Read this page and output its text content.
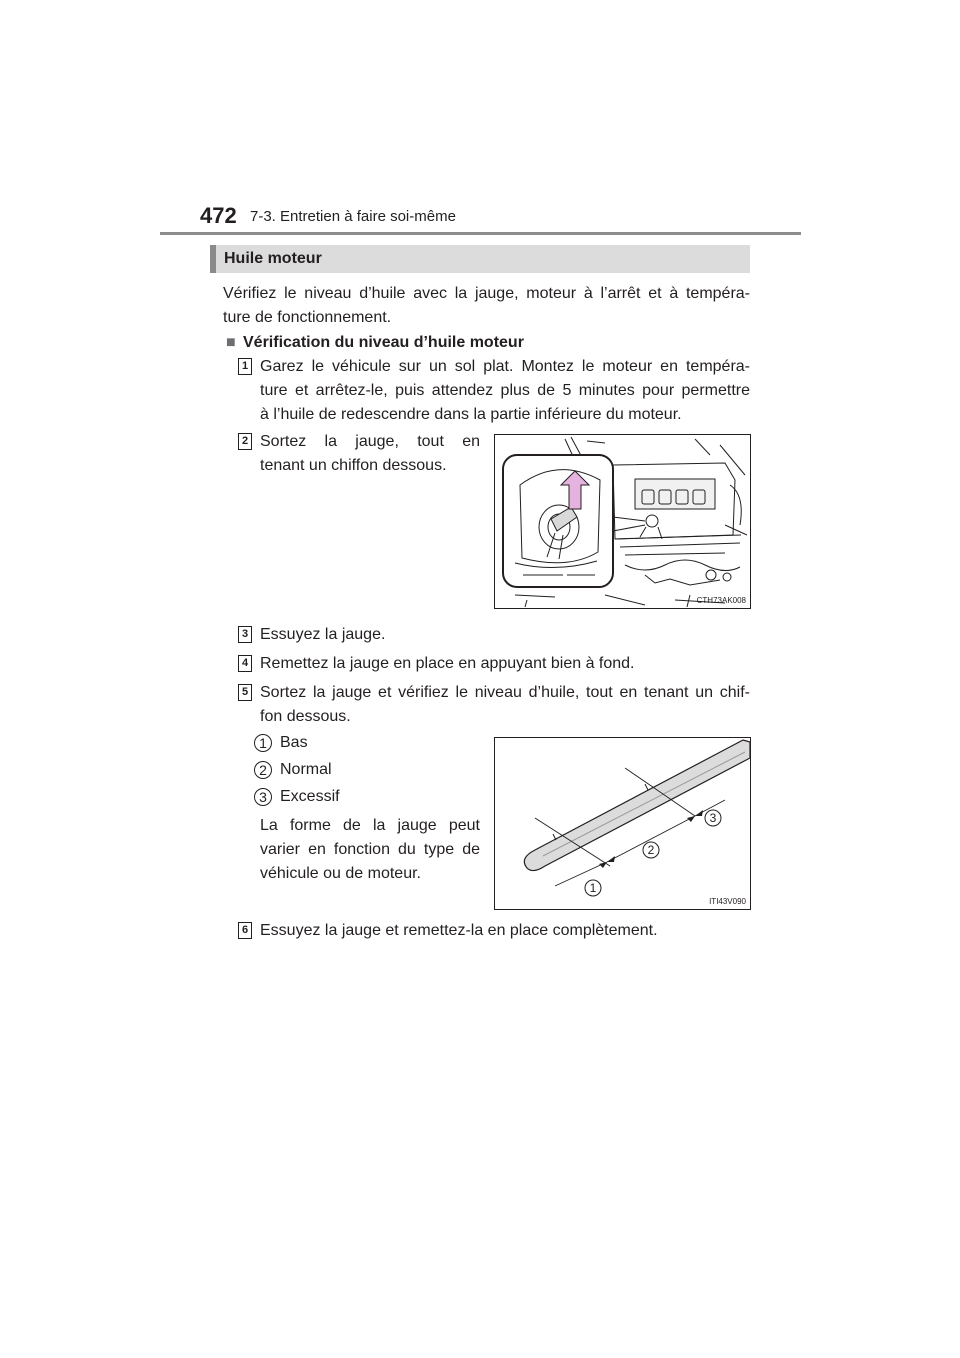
472 7-3. Entretien à faire soi-même
Huile moteur
Vérifiez le niveau d’huile avec la jauge, moteur à l’arrêt et à tempéra-
ture de fonctionnement.
■ Vérification du niveau d’huile moteur
1 Garez le véhicule sur un sol plat. Montez le moteur en tempéra-
ture et arrêtez-le, puis attendez plus de 5 minutes pour permettre
à l’huile de redescendre dans la partie inférieure du moteur.
2 Sortez la jauge, tout en
tenant un chiffon dessous.
CTH73AK008
3 Essuyez la jauge.
4 Remettez la jauge en place en appuyant bien à fond.
5 Sortez la jauge et vérifiez le niveau d’huile, tout en tenant un chif-
fon dessous.
1 Bas
2 Normal
3 Excessif
La forme de la jauge peut
varier en fonction du type de
véhicule ou de moteur.
1
2
3
ITI43V090
6 Essuyez la jauge et remettez-la en place complètement.
